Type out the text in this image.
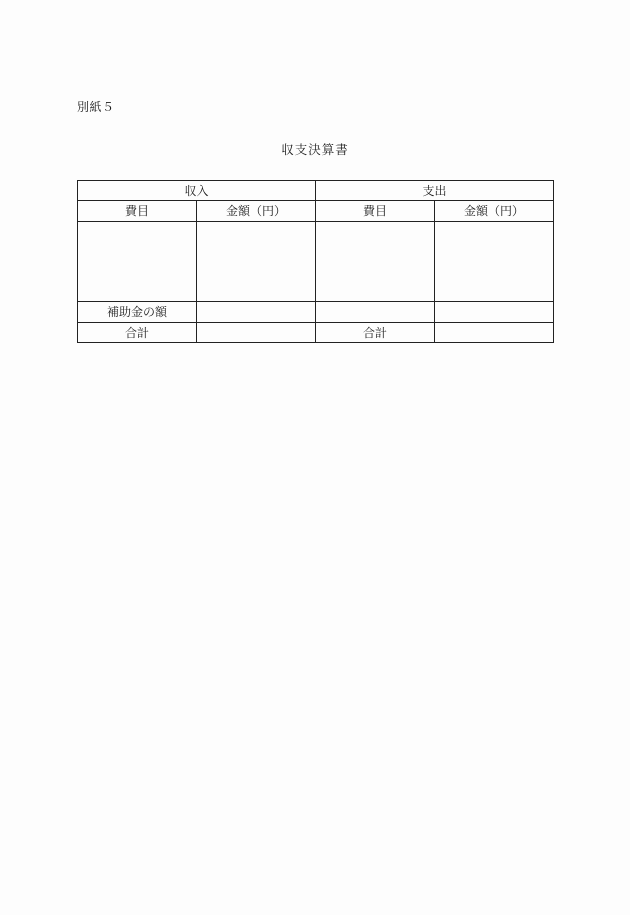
別紙５
収支決算書
収入		支出	
費目	金額（円）	費目	金額（円）

補助金の額			
合計		合計	
